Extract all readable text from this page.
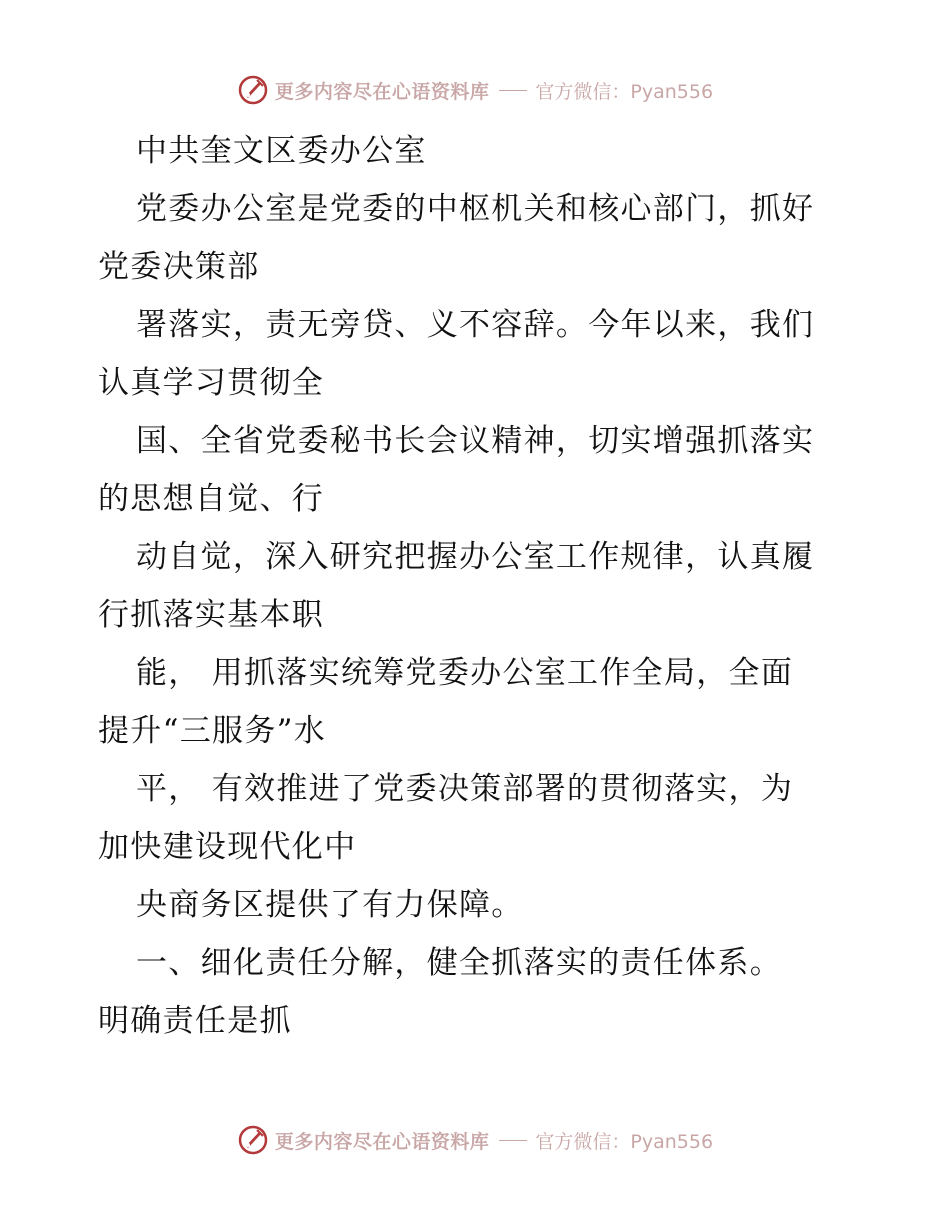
更多内容尽在心语资料库 官方微信：Pyan556
中共奎文区委办公室
党委办公室是党委的中枢机关和核心部门，抓好
党委决策部
署落实，责无旁贷、义不容辞。今年以来，我们
认真学习贯彻全
国、全省党委秘书长会议精神，切实增强抓落实
的思想自觉、行
动自觉，深入研究把握办公室工作规律，认真履
行抓落实基本职
能， 用抓落实统筹党委办公室工作全局，全面
提升“三服务”水
平， 有效推进了党委决策部署的贯彻落实，为
加快建设现代化中
央商务区提供了有力保障。
一、细化责任分解，健全抓落实的责任体系。
明确责任是抓
更多内容尽在心语资料库 官方微信：Pyan556
